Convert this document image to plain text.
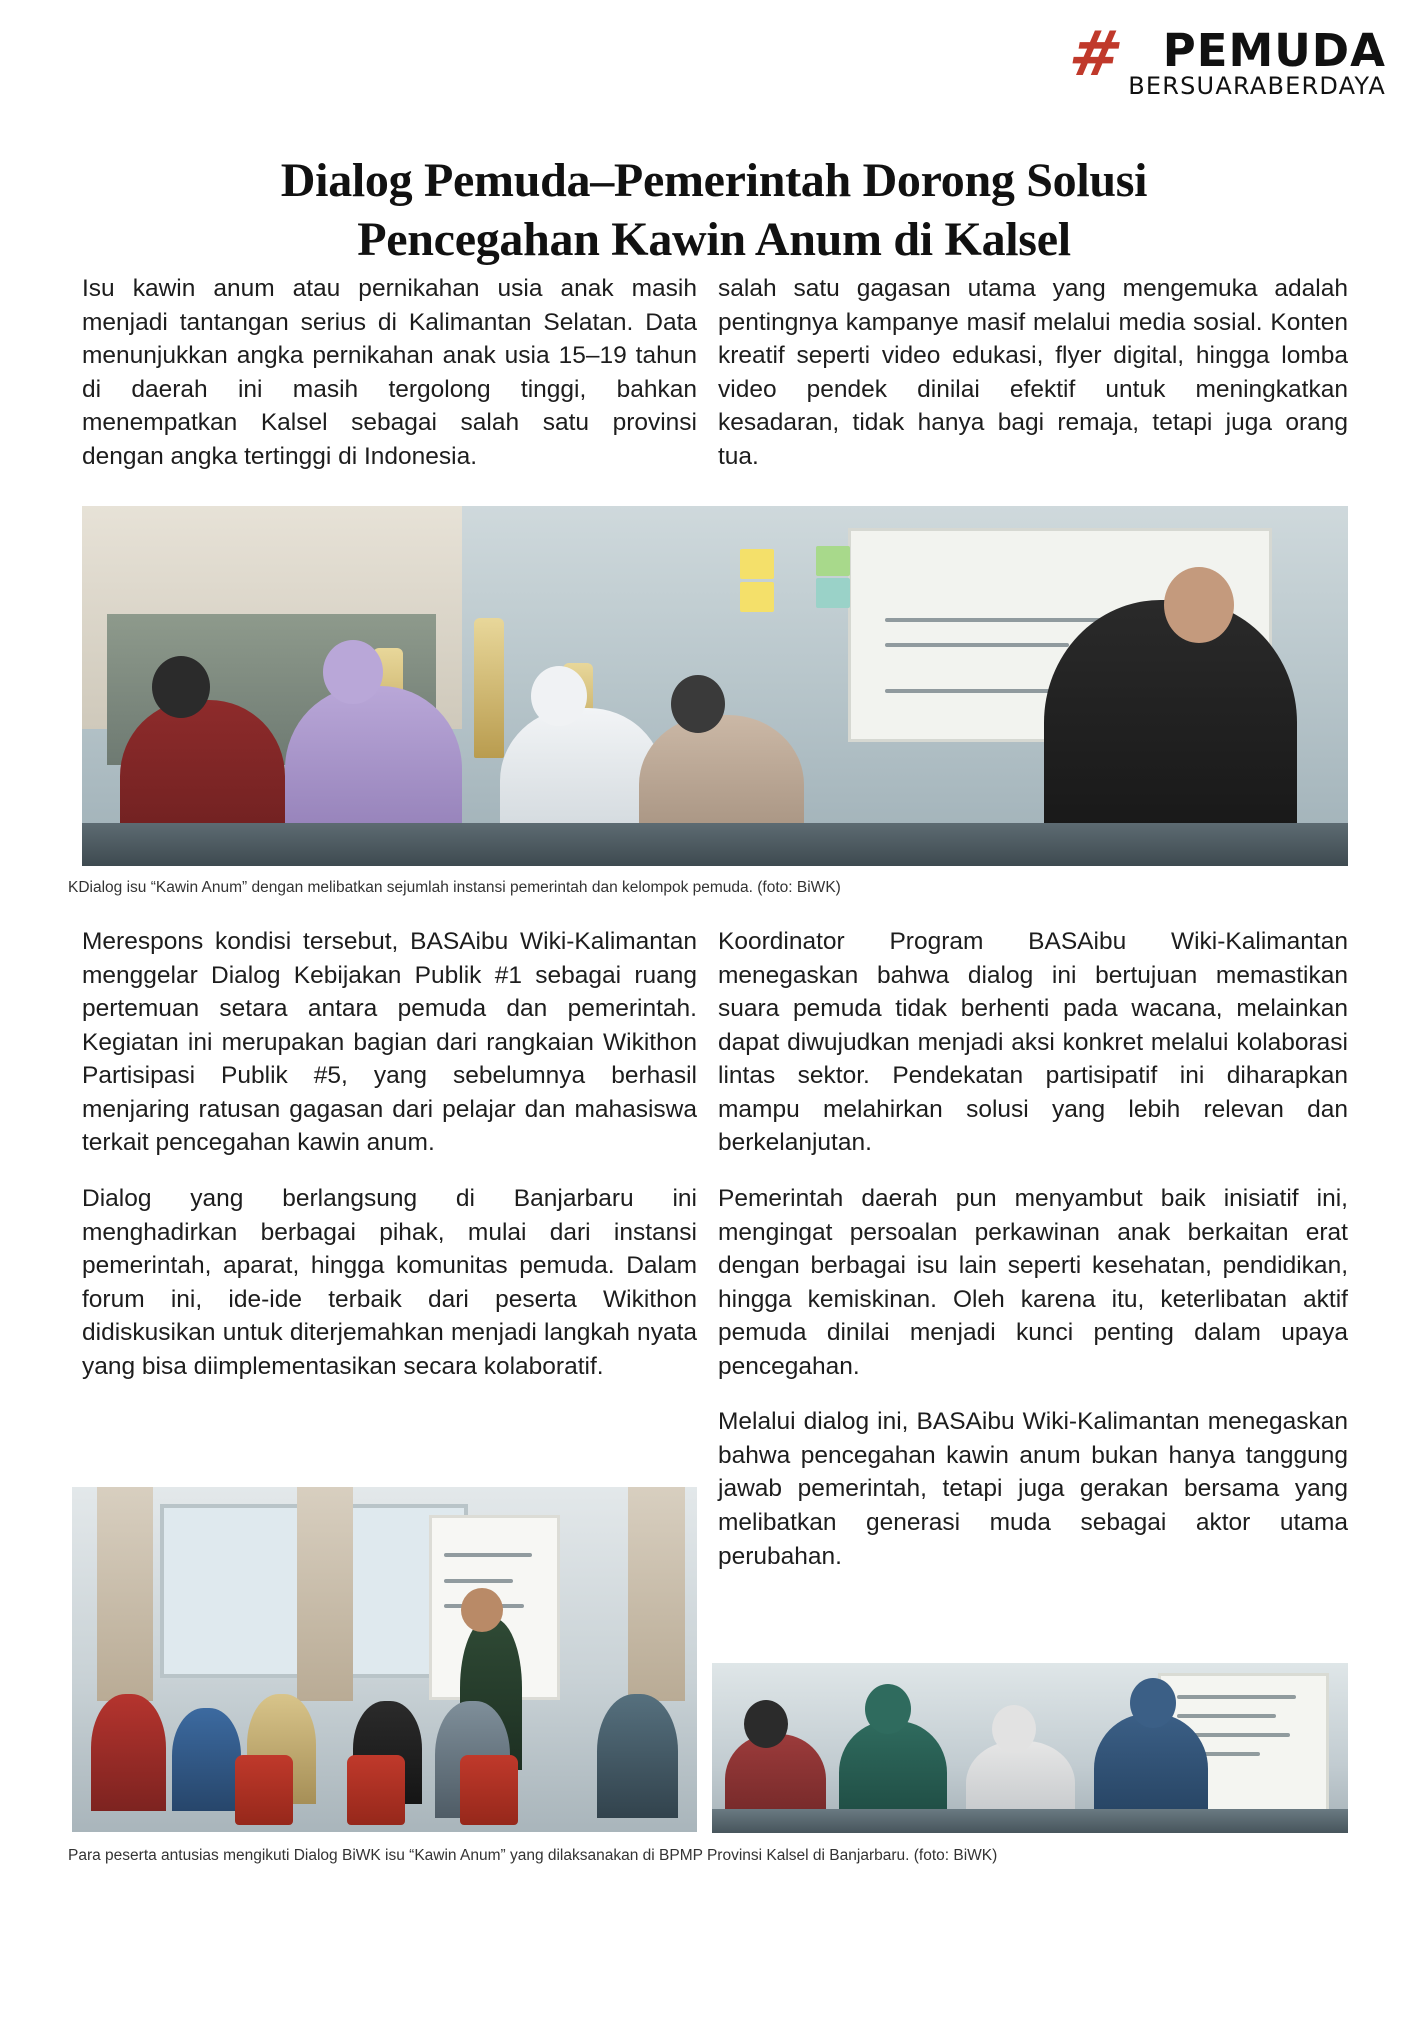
# PEMUDA
BERSUARABERDAYA
Dialog Pemuda–Pemerintah Dorong Solusi
Pencegahan Kawin Anum di Kalsel

Isu kawin anum atau pernikahan usia anak masih menjadi tantangan serius di Kalimantan Selatan. Data menunjukkan angka pernikahan anak usia 15–19 tahun di daerah ini masih tergolong tinggi, bahkan menempatkan Kalsel sebagai salah satu provinsi dengan angka tertinggi di Indonesia.

salah satu gagasan utama yang mengemuka adalah pentingnya kampanye masif melalui media sosial. Konten kreatif seperti video edukasi, flyer digital, hingga lomba video pendek dinilai efektif untuk meningkatkan kesadaran, tidak hanya bagi remaja, tetapi juga orang tua.

KDialog isu “Kawin Anum” dengan melibatkan sejumlah instansi pemerintah dan kelompok pemuda. (foto: BiWK)

Merespons kondisi tersebut, BASAibu Wiki-Kalimantan menggelar Dialog Kebijakan Publik #1 sebagai ruang pertemuan setara antara pemuda dan pemerintah. Kegiatan ini merupakan bagian dari rangkaian Wikithon Partisipasi Publik #5, yang sebelumnya berhasil menjaring ratusan gagasan dari pelajar dan mahasiswa terkait pencegahan kawin anum.

Dialog yang berlangsung di Banjarbaru ini menghadirkan berbagai pihak, mulai dari instansi pemerintah, aparat, hingga komunitas pemuda. Dalam forum ini, ide-ide terbaik dari peserta Wikithon didiskusikan untuk diterjemahkan menjadi langkah nyata yang bisa diimplementasikan secara kolaboratif.

Koordinator Program BASAibu Wiki-Kalimantan menegaskan bahwa dialog ini bertujuan memastikan suara pemuda tidak berhenti pada wacana, melainkan dapat diwujudkan menjadi aksi konkret melalui kolaborasi lintas sektor. Pendekatan partisipatif ini diharapkan mampu melahirkan solusi yang lebih relevan dan berkelanjutan.

Pemerintah daerah pun menyambut baik inisiatif ini, mengingat persoalan perkawinan anak berkaitan erat dengan berbagai isu lain seperti kesehatan, pendidikan, hingga kemiskinan. Oleh karena itu, keterlibatan aktif pemuda dinilai menjadi kunci penting dalam upaya pencegahan.

Melalui dialog ini, BASAibu Wiki-Kalimantan menegaskan bahwa pencegahan kawin anum bukan hanya tanggung jawab pemerintah, tetapi juga gerakan bersama yang melibatkan generasi muda sebagai aktor utama perubahan.

Para peserta antusias mengikuti Dialog BiWK isu “Kawin Anum” yang dilaksanakan di BPMP Provinsi Kalsel di Banjarbaru. (foto: BiWK)
